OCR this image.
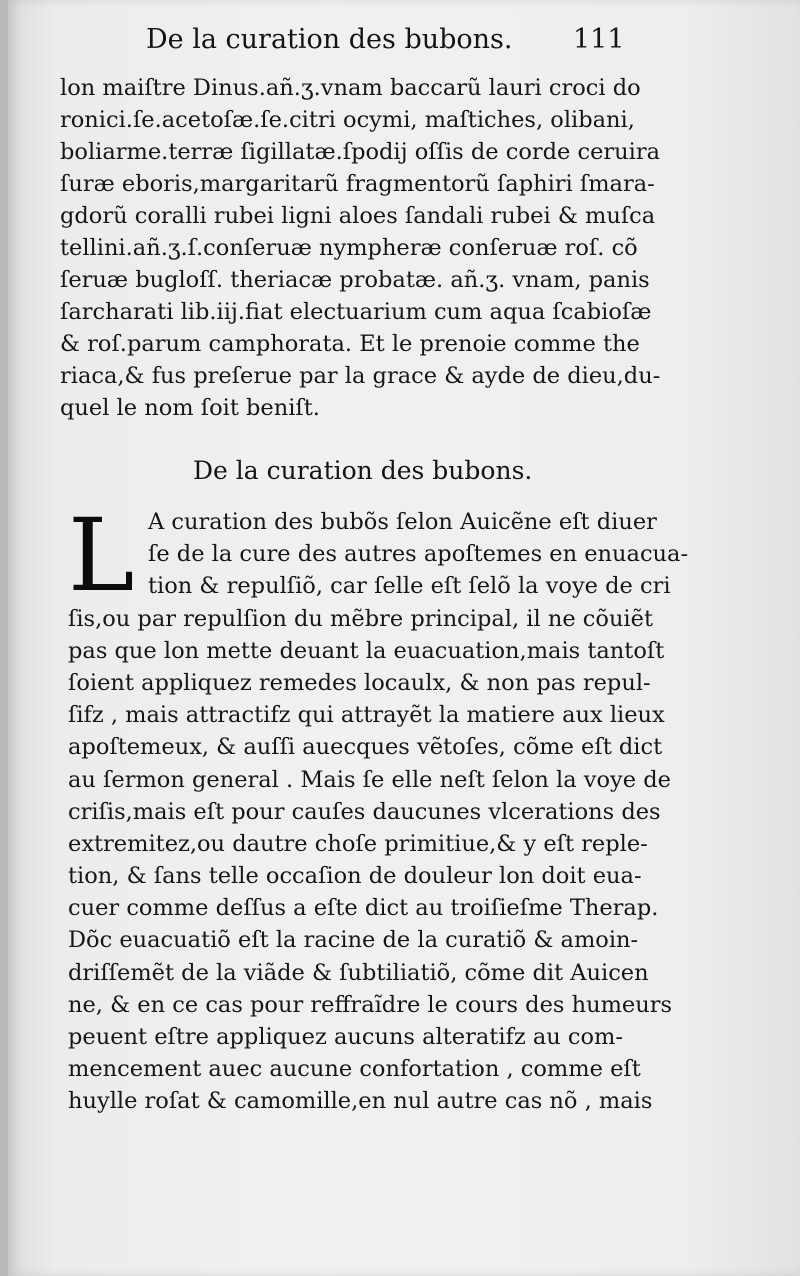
De la curation des bubons. 111
lon maiſtre Dinus.añ.ʒ.vnam baccarũ lauri croci do
ronici.ſe.acetoſæ.ſe.citri ocymi, maſtiches, olibani,
boliarme.terræ ſigillatæ.ſpodij oſſis de corde ceruira
ſuræ eboris,margaritarũ fragmentorũ ſaphiri ſmara-
gdorũ coralli rubei ligni aloes ſandali rubei & muſca
tellini.añ.ʒ.ſ.conſeruæ nympheræ conſeruæ roſ. cõ
ſeruæ bugloſſ. theriacæ probatæ. añ.ʒ. vnam, panis
ſarcharati lib.iij.fiat electuarium cum aqua ſcabioſæ
& roſ.parum camphorata. Et le prenoie comme the
riaca,& fus preſerue par la grace & ayde de dieu,du-
quel le nom ſoit beniſt.
De la curation des bubons.
L A curation des bubõs ſelon Auicẽne eſt diuer
ſe de la cure des autres apoſtemes en enuacua-
tion & repulſiõ, car ſelle eſt ſelõ la voye de cri
ſis,ou par repulſion du mẽbre principal, il ne cõuiẽt
pas que lon mette deuant la euacuation,mais tantoſt
ſoient appliquez remedes locaulx, & non pas repul-
ſifz , mais attractifz qui attrayẽt la matiere aux lieux
apoſtemeux, & auſſi auecques vẽtoſes, cõme eſt dict
au ſermon general . Mais ſe elle neſt ſelon la voye de
criſis,mais eſt pour cauſes daucunes vlcerations des
extremitez,ou dautre choſe primitiue,& y eſt reple-
tion, & ſans telle occaſion de douleur lon doit eua-
cuer comme deſſus a eſte dict au troiſieſme Therap.
Dõc euacuatiõ eſt la racine de la curatiõ & amoin-
driſſemẽt de la viãde & ſubtiliatiõ, cõme dit Auicen
ne, & en ce cas pour reffraĩdre le cours des humeurs
peuent eſtre appliquez aucuns alteratifz au com-
mencement auec aucune confortation , comme eſt
huylle roſat & camomille,en nul autre cas nõ , mais
